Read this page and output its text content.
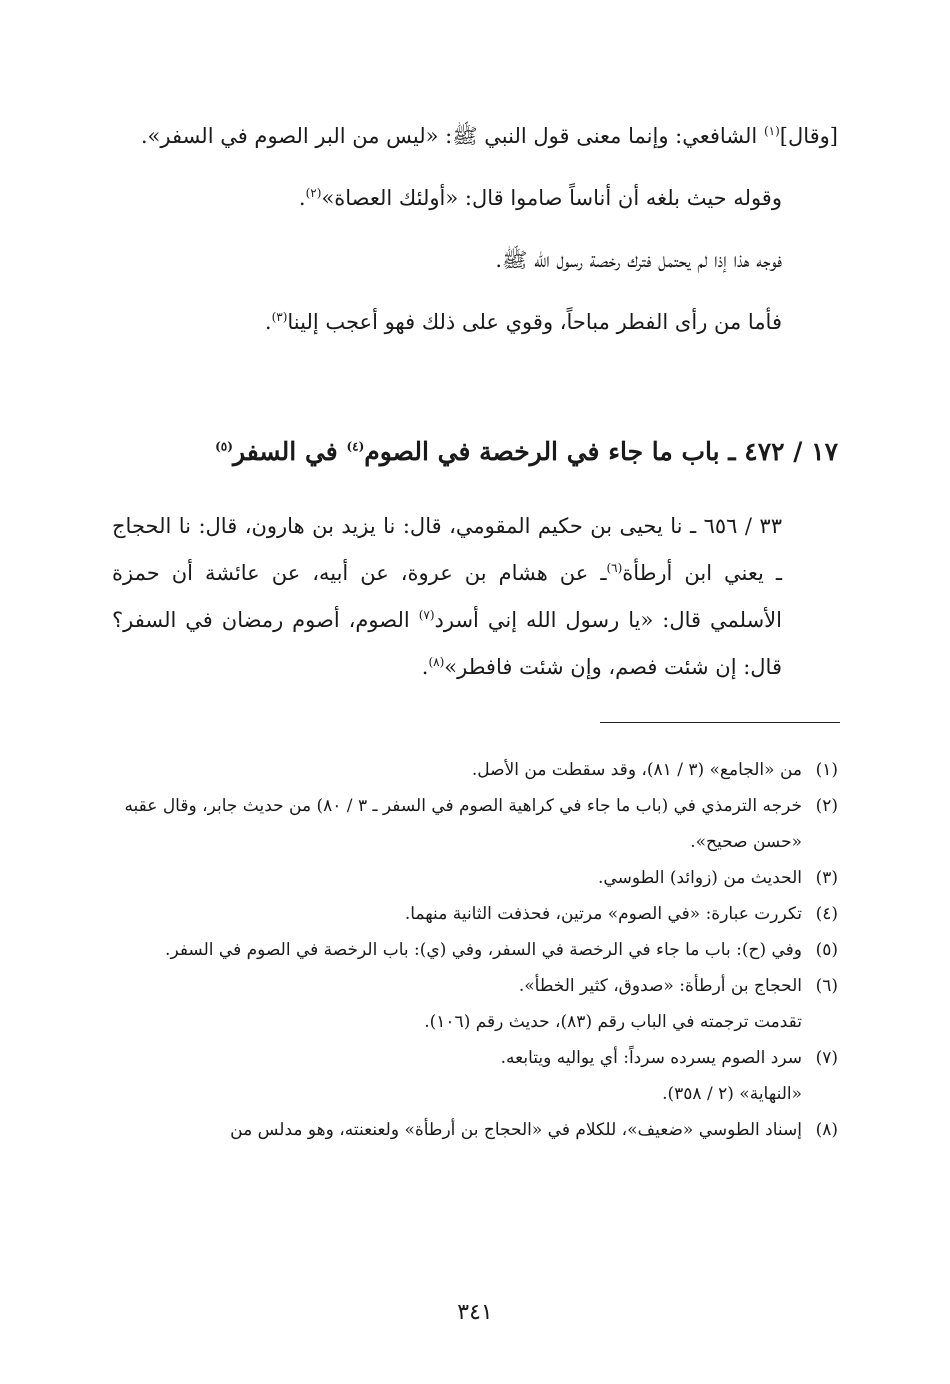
[وقال]$^{(١)}$ الشافعي: وإنما معنى قول النبي ﷺ: «ليس من البر الصوم في السفر».

وقوله حيث بلغه أن أناساً صاموا قال: «أولئك العصاة»$^{(٢)}$.

فوجه هذا إذا لم يحتمل فترك رخصة رسول الله ﷺ.

فأما من رأى الفطر مباحاً، وقوي على ذلك فهو أعجب إلينا$^{(٣)}$.

١٧ / ٤٧٢ ـ باب ما جاء في الرخصة في الصوم$^{(٤)}$ في السفر$^{(٥)}$

٣٣ / ٦٥٦ ـ نا يحيى بن حكيم المقومي، قال: نا يزيد بن هارون، قال: نا الحجاج ـ يعني ابن أرطأة$^{(٦)}$ـ عن هشام بن عروة، عن أبيه، عن عائشة أن حمزة الأسلمي قال: «يا رسول الله إني أسرد$^{(٧)}$ الصوم، أصوم رمضان في السفر؟ قال: إن شئت فصم، وإن شئت فافطر»$^{(٨)}$.

(١)
من «الجامع» (٣ / ٨١)، وقد سقطت من الأصل.
(٢)
خرجه الترمذي في (باب ما جاء في كراهية الصوم في السفر ـ ٣ / ٨٠) من حديث جابر، وقال عقبه «حسن صحيح».
(٣)
الحديث من (زوائد) الطوسي.
(٤)
تكررت عبارة: «في الصوم» مرتين، فحذفت الثانية منهما.
(٥)
وفي (ح): باب ما جاء في الرخصة في السفر، وفي (ي): باب الرخصة في الصوم في السفر.
(٦)
الحجاج بن أرطأة: «صدوق، كثير الخطأ».
تقدمت ترجمته في الباب رقم (٨٣)، حديث رقم (١٠٦).
(٧)
سرد الصوم يسرده سرداً: أي يواليه ويتابعه.
«النهاية» (٢ / ٣٥٨).
(٨)
إسناد الطوسي «ضعيف»، للكلام في «الحجاج بن أرطأة» ولعنعنته، وهو مدلس من
٣٤١
